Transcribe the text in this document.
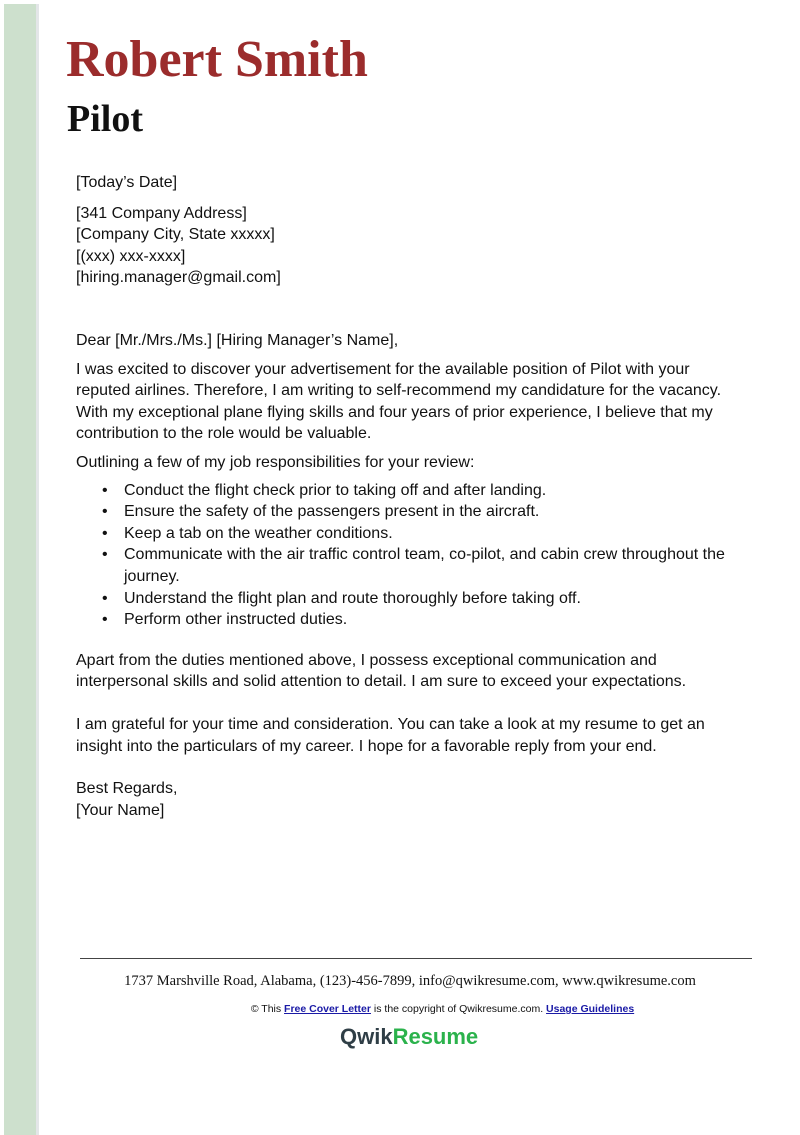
Robert Smith
Pilot

[Today’s Date]

[341 Company Address]

[Company City, State xxxxx]

[(xxx) xxx-xxxx]

[hiring.manager@gmail.com]

Dear [Mr./Mrs./Ms.] [Hiring Manager’s Name],

I was excited to discover your advertisement for the available position of Pilot with your reputed airlines. Therefore, I am writing to self-recommend my candidature for the vacancy. With my exceptional plane flying skills and four years of prior experience, I believe that my contribution to the role would be valuable.

Outlining a few of my job responsibilities for your review:

• Conduct the flight check prior to taking off and after landing.
• Ensure the safety of the passengers present in the aircraft.
• Keep a tab on the weather conditions.
• Communicate with the air traffic control team, co-pilot, and cabin crew throughout the journey.
• Understand the flight plan and route thoroughly before taking off.
• Perform other instructed duties.

Apart from the duties mentioned above, I possess exceptional communication and interpersonal skills and solid attention to detail. I am sure to exceed your expectations.

I am grateful for your time and consideration. You can take a look at my resume to get an insight into the particulars of my career. I hope for a favorable reply from your end.

Best Regards,

[Your Name]

1737 Marshville Road, Alabama, (123)-456-7899, info@qwikresume.com, www.qwikresume.com
© This Free Cover Letter is the copyright of Qwikresume.com. Usage Guidelines
QwikResume
